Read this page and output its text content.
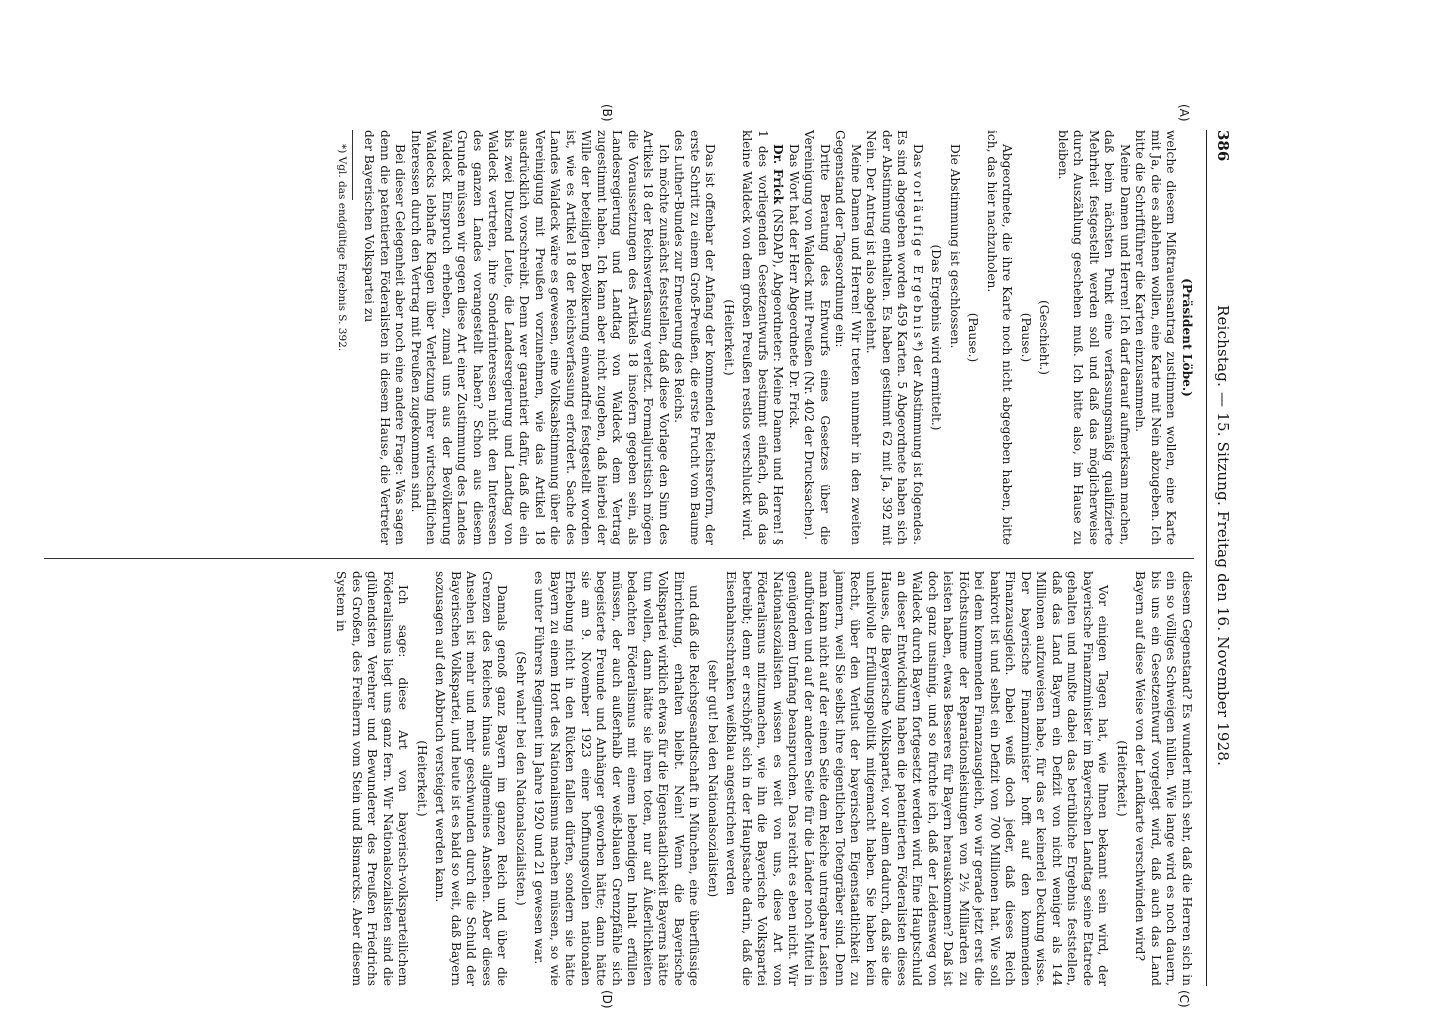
386
Reichstag. — 15. Sitzung. Freitag den 16. November 1928.
(A)
(B)
(C)
(D)

(Präsident Löbe.)

welche diesem Mißtrauensantrag zustimmen wollen, eine Karte mit Ja, die es ablehnen wollen, eine Karte mit Nein abzugeben. Ich bitte die Schriftführer die Karten einzusammeln.

Meine Damen und Herren! Ich darf darauf aufmerksam machen, daß beim nächsten Punkt eine verfassungsmäßig qualifizierte Mehrheit festgestellt werden soll und daß das möglicherweise durch Auszählung geschehen muß. Ich bitte also, im Hause zu bleiben.

(Geschieht.)

(Pause.)

Abgeordnete, die ihre Karte noch nicht abgegeben haben, bitte ich, das hier nachzuholen.

(Pause.)

Die Abstimmung ist geschlossen.

(Das Ergebnis wird ermittelt.)

Das vorläufige Ergebnis*) der Abstimmung ist folgendes. Es sind abgegeben worden 459 Karten. 5 Abgeordnete haben sich der Abstimmung enthalten. Es haben gestimmt 62 mit Ja, 392 mit Nein. Der Antrag ist also abgelehnt.

Meine Damen und Herren! Wir treten nunmehr in den zweiten Gegenstand der Tagesordnung ein:

Dritte Beratung des Entwurfs eines Gesetzes über die Vereinigung von Waldeck mit Preußen (Nr. 402 der Drucksachen).

Das Wort hat der Herr Abgeordnete Dr. Frick.

Dr. Frick (NSDAP), Abgeordneter: Meine Damen und Herren! § 1 des vorliegenden Gesetzentwurfs bestimmt einfach, daß das kleine Waldeck von dem großen Preußen restlos verschluckt wird.

(Heiterkeit.)

Das ist offenbar der Anfang der kommenden Reichsreform, der erste Schritt zu einem Groß-Preußen, die erste Frucht vom Baume des Luther-Bundes zur Erneuerung des Reichs.

Ich möchte zunächst feststellen, daß diese Vorlage den Sinn des Artikels 18 der Reichsverfassung verletzt. Formaljuristisch mögen die Voraussetzungen des Artikels 18 insofern gegeben sein, als Landesregierung und Landtag von Waldeck dem Vertrag zugestimmt haben. Ich kann aber nicht zugeben, daß hierbei der Wille der beteiligten Bevölkerung einwandfrei festgestellt worden ist, wie es Artikel 18 der Reichsverfassung erfordert. Sache des Landes Waldeck wäre es gewesen, eine Volksabstimmung über die Vereinigung mit Preußen vorzunehmen, wie das Artikel 18 ausdrücklich vorschreibt. Denn wer garantiert dafür, daß die ein bis zwei Dutzend Leute, die Landesregierung und Landtag von Waldeck vertreten, ihre Sonderinteressen nicht den Interessen des ganzen Landes vorangestellt haben? Schon aus diesem Grunde müssen wir gegen diese Art einer Zustimmung des Landes Waldeck Einspruch erheben, zumal uns aus der Bevölkerung Waldecks lebhafte Klagen über Verletzung ihrer wirtschaftlichen Interessen durch den Vertrag mit Preußen zugekommen sind.

Bei dieser Gelegenheit aber noch eine andere Frage: Was sagen denn die patentierten Föderalisten in diesem Hause, die Vertreter der Bayerischen Volkspartei zu

*) Vgl. das endgültige Ergebnis S. 392.

diesem Gegenstand? Es wundert mich sehr, daß die Herren sich in ein so völliges Schweigen hüllen. Wie lange wird es noch dauern, bis uns ein Gesetzentwurf vorgelegt wird, daß auch das Land Bayern auf diese Weise von der Landkarte verschwinden wird?

(Heiterkeit.)

Vor einigen Tagen hat, wie Ihnen bekannt sein wird, der bayerische Finanzminister im Bayerischen Landtag seine Etatrede gehalten und mußte dabei das betrübliche Ergebnis feststellen, daß das Land Bayern ein Defizit von nicht weniger als 144 Millionen aufzuweisen habe, für das er keinerlei Deckung wisse. Der bayerische Finanzminister hofft auf den kommenden Finanzausgleich. Dabei weiß doch jeder, daß dieses Reich bankrott ist und selbst ein Defizit von 700 Millionen hat. Wie soll bei dem kommenden Finanzausgleich, wo wir gerade jetzt erst die Höchstsumme der Reparationsleistungen von 2½ Milliarden zu leisten haben, etwas Besseres für Bayern herauskommen? Daß ist doch ganz unsinnig, und so fürchte ich, daß der Leidensweg von Waldeck durch Bayern fortgesetzt werden wird. Eine Hauptschuld an dieser Entwicklung haben die patentierten Föderalisten dieses Hauses, die Bayerische Volkspartei, vor allem dadurch, daß sie die unheilvolle Erfüllungspolitik mitgemacht haben. Sie haben kein Recht, über den Verlust der bayerischen Eigenstaatlichkeit zu jammern, weil Sie selbst ihre eigentlichen Totengräber sind. Denn man kann nicht auf der einen Seite dem Reiche untragbare Lasten aufbürden und auf der anderen Seite für die Länder noch Mittel in genügendem Umfang beanspruchen. Das reicht es eben nicht. Wir Nationalsozialisten wissen es weit von uns, diese Art von Föderalismus mitzumachen, wie ihn die Bayerische Volkspartei betreibt; denn er erschöpft sich in der Hauptsache darin, daß die Eisenbahnschranken weißblau angestrichen werden

(sehr gut! bei den Nationalsozialisten)

und daß die Reichsgesandtschaft in München, eine überflüssige Einrichtung, erhalten bleibt. Nein! Wenn die Bayerische Volkspartei wirklich etwas für die Eigenstaatlichkeit Bayerns hätte tun wollen, dann hätte sie ihren toten, nur auf Äußerlichkeiten bedachten Föderalismus mit einem lebendigen Inhalt erfüllen müssen, der auch außerhalb der weiß-blauen Grenzpfähle sich begeisterte Freunde und Anhänger geworben hätte; dann hätte sie am 9. November 1923 einer hoffnungsvollen nationalen Erhebung nicht in den Rücken fallen dürfen, sondern sie hätte Bayern zu einem Hort des Nationalismus machen müssen, so wie es unter Führers Regiment im Jahre 1920 und 21 gewesen war.

(Sehr wahr! bei den Nationalsozialisten.)

Damals genoß ganz Bayern im ganzen Reich und über die Grenzen des Reiches hinaus allgemeines Ansehen. Aber dieses Ansehen ist mehr und mehr geschwunden durch die Schuld der Bayerischen Volkspartei, und heute ist es bald so weit, daß Bayern sozusagen auf den Abbruch versteigert werden kann.

(Heiterkeit.)

Ich sage: diese Art von bayerisch-volksparteilichem Föderalismus liegt uns ganz fern. Wir Nationalsozialisten sind die glühendsten Verehrer und Bewunderer des Preußen Friedrichs des Großen, des Freiherrn vom Stein und Bismarcks. Aber diesem System in
